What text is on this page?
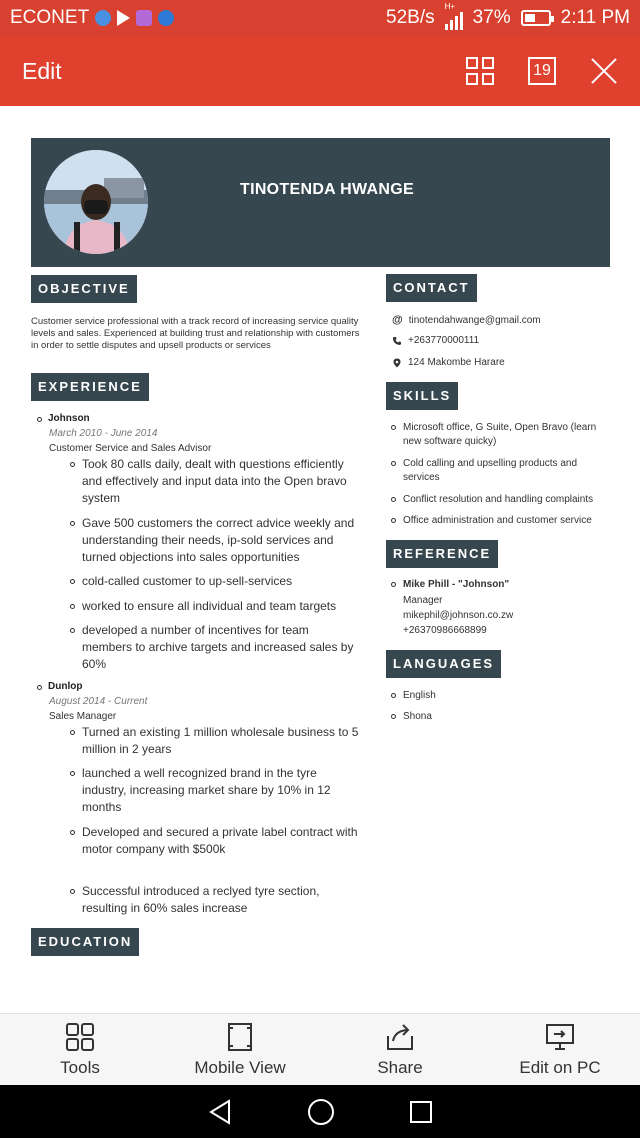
ECONET	52B/s
H+
37%	2:11 PM
Edit	19
TINOTENDA HWANGE
OBJECTIVE
Customer service professional with a track record of increasing service quality levels and sales. Experienced at building trust and relationship with customers in order to settle disputes and upsell products or services
EXPERIENCE
Johnson
March 2010 - June 2014
Customer Service and Sales Advisor
Took 80 calls daily, dealt with questions efficiently and effectively and input data into the Open bravo system
Gave 500 customers the correct advice weekly and understanding their needs, ip-sold services and turned objections into sales opportunities
cold-called customer to up-sell-services
worked to ensure all individual and team targets
developed a number of incentives for team members to archive targets and increased sales by 60%
Dunlop
August 2014 - Current
Sales Manager
Turned an existing 1 million wholesale business to 5 million in 2 years
launched a well recognized brand in the tyre industry, increasing market share by 10% in 12 months
Developed and secured a private label contract with motor company with $500k
Successful introduced a reclyed tyre section, resulting in 60% sales increase
EDUCATION
CONTACT
@ tinotendahwange@gmail.com
+263770000111
124 Makombe Harare
SKILLS
Microsoft office, G Suite, Open Bravo (learn new software quicky)
Cold calling and upselling products and services
Conflict resolution and handling complaints
Office administration and customer service
REFERENCE
Mike Phill - "Johnson"
Manager
mikephil@johnson.co.zw
+26370986668899
LANGUAGES
English
Shona
Tools	Mobile View	Share	Edit on PC
